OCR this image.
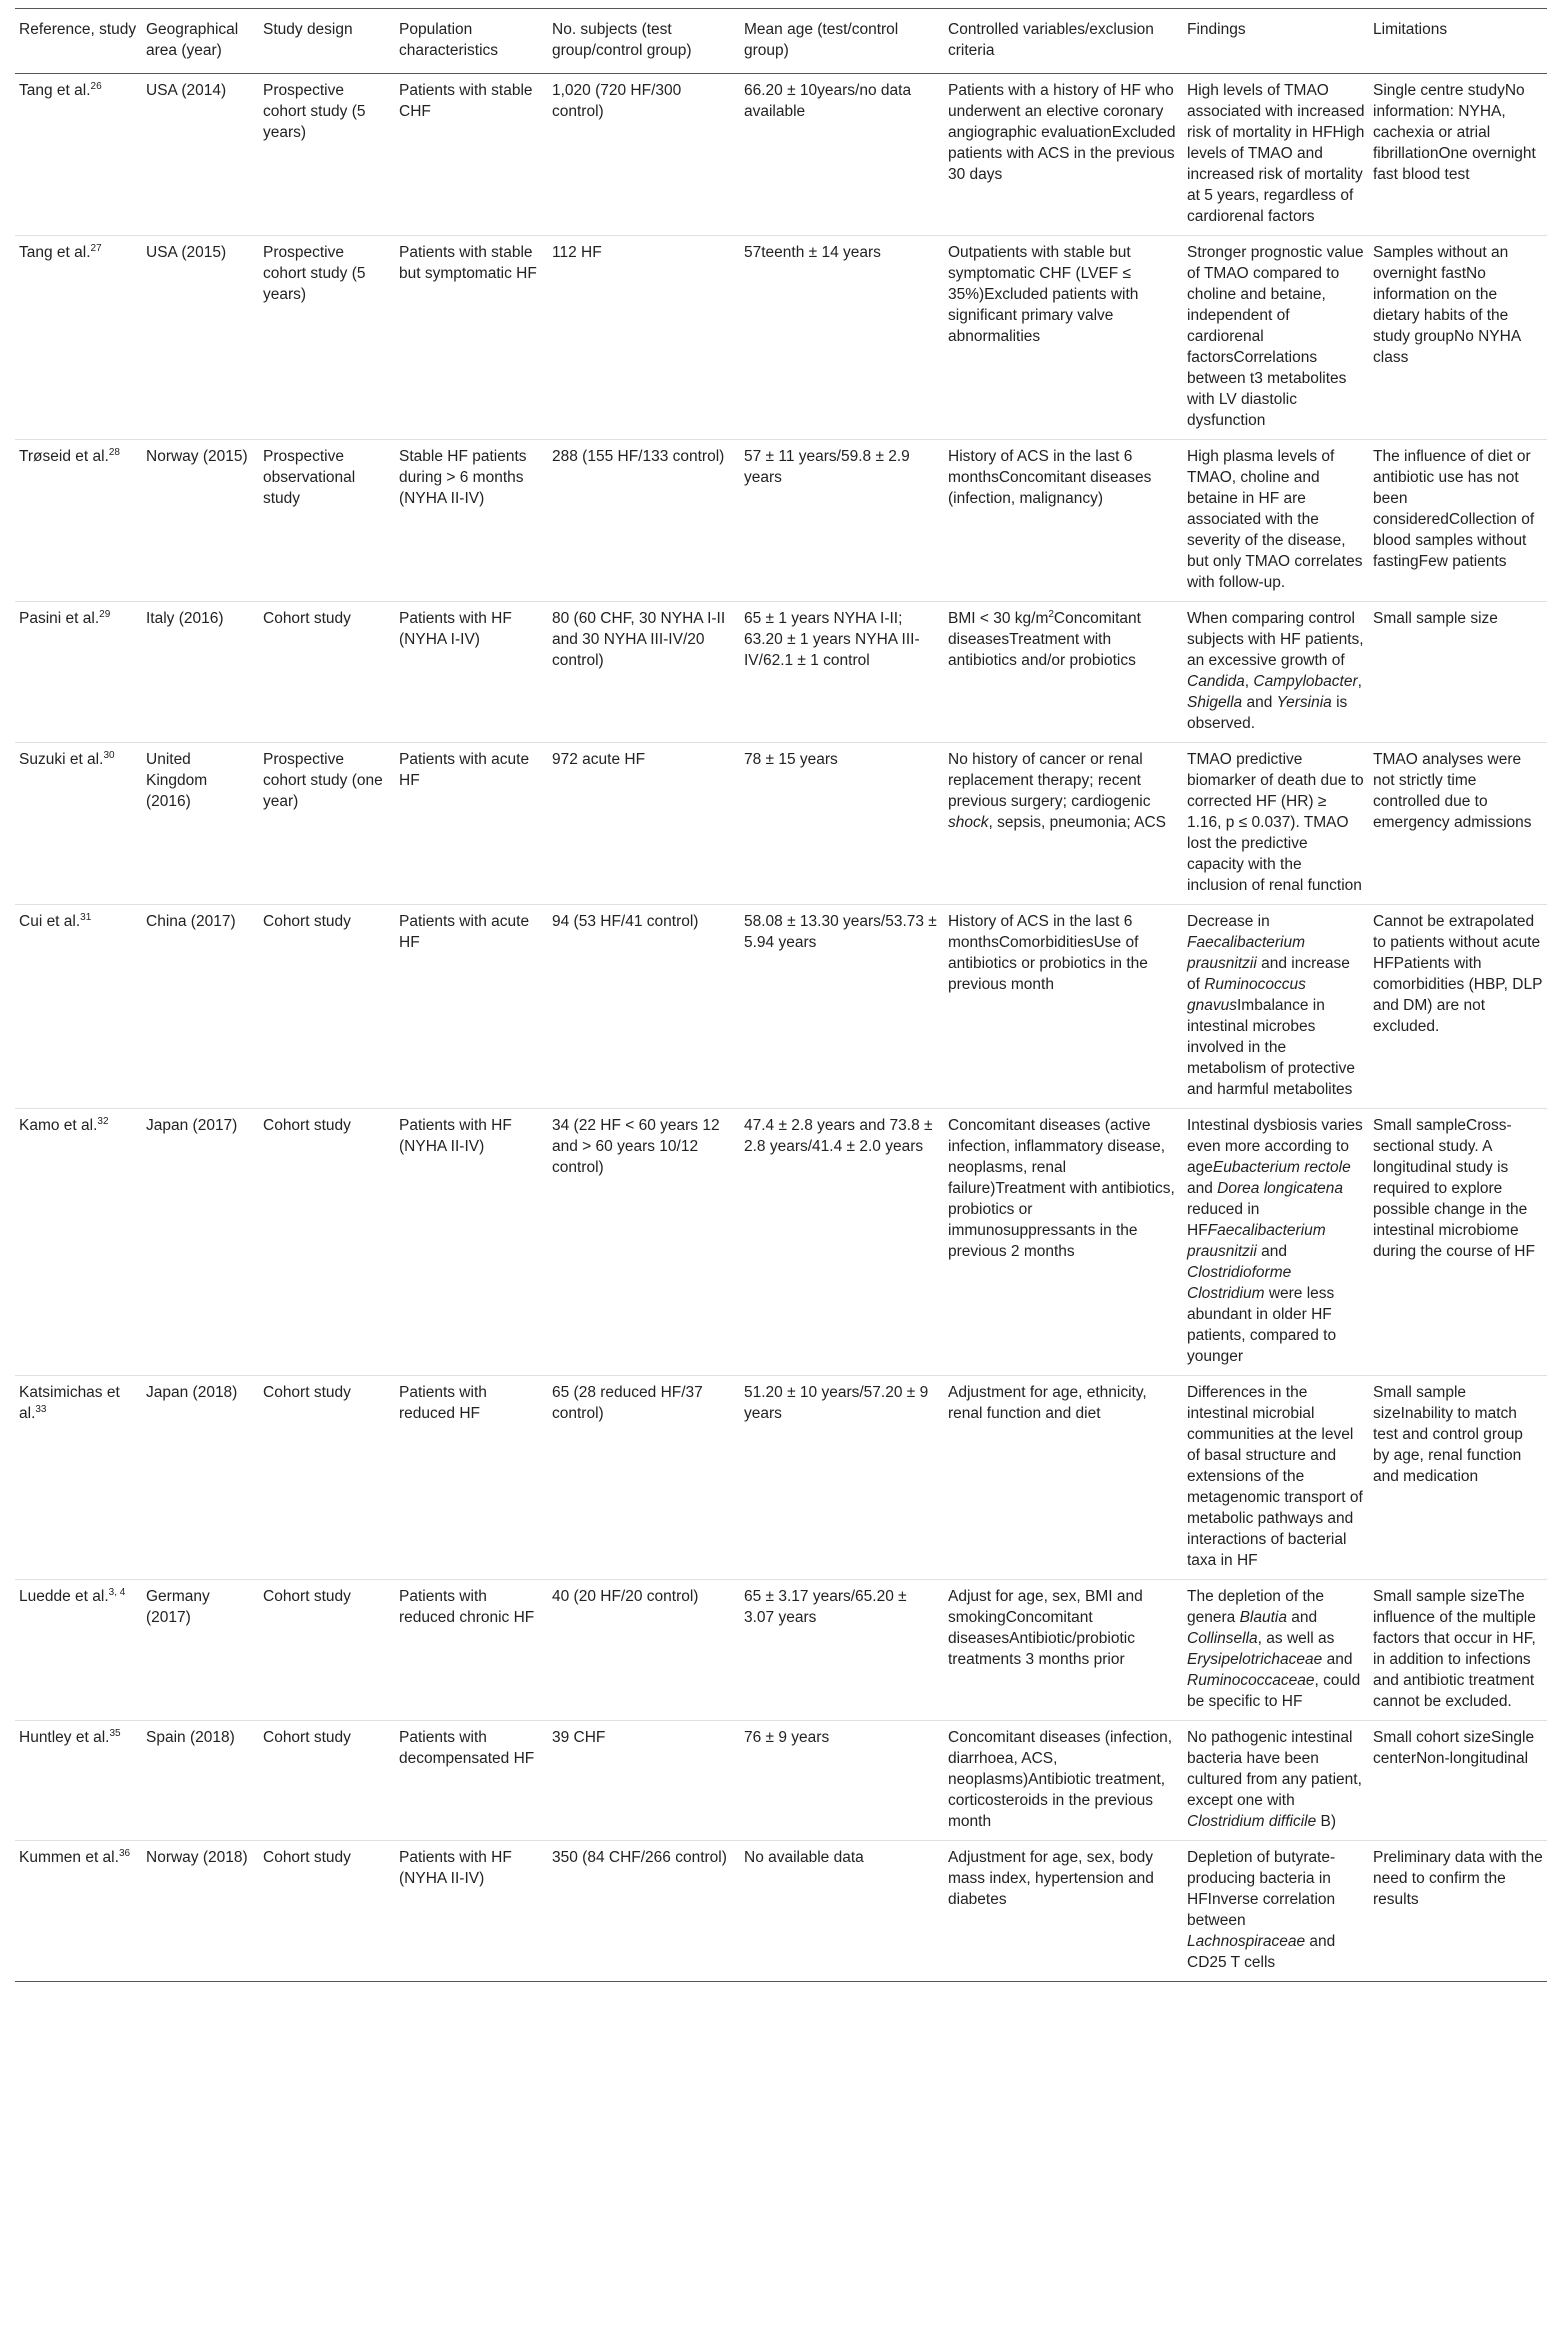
Reference, study	Geographical area (year)	Study design	Population characteristics	No. subjects (test group/control group)	Mean age (test/control group)	Controlled variables/exclusion criteria	Findings	Limitations
Tang et al.$^{26}$	USA (2014)	Prospective cohort study (5 years)	Patients with stable CHF	1,020 (720 HF/300 control)	66.20 ± 10years/no data available	Patients with a history of HF who underwent an elective coronary angiographic evaluationExcluded patients with ACS in the previous 30 days	High levels of TMAO associated with increased risk of mortality in HFHigh levels of TMAO and increased risk of mortality at 5 years, regardless of cardiorenal factors	Single centre studyNo information: NYHA, cachexia or atrial fibrillationOne overnight fast blood test
Tang et al.$^{27}$	USA (2015)	Prospective cohort study (5 years)	Patients with stable but symptomatic HF	112 HF	57teenth ± 14 years	Outpatients with stable but symptomatic CHF (LVEF ≤ 35%)Excluded patients with significant primary valve abnormalities	Stronger prognostic value of TMAO compared to choline and betaine, independent of cardiorenal factorsCorrelations between t3 metabolites with LV diastolic dysfunction	Samples without an overnight fastNo information on the dietary habits of the study groupNo NYHA class
Trøseid et al.$^{28}$	Norway (2015)	Prospective observational study	Stable HF patients during > 6 months (NYHA II-IV)	288 (155 HF/133 control)	57 ± 11 years/59.8 ± 2.9 years	History of ACS in the last 6 monthsConcomitant diseases (infection, malignancy)	High plasma levels of TMAO, choline and betaine in HF are associated with the severity of the disease, but only TMAO correlates with follow-up.	The influence of diet or antibiotic use has not been consideredCollection of blood samples without fastingFew patients
Pasini et al.$^{29}$	Italy (2016)	Cohort study	Patients with HF (NYHA I-IV)	80 (60 CHF, 30 NYHA I-II and 30 NYHA III-IV/20 control)	65 ± 1 years NYHA I-II; 63.20 ± 1 years NYHA III-IV/62.1 ± 1 control	BMI < 30 $kg/m^2Concomitant$ diseasesTreatment with antibiotics and/or probiotics	When comparing control subjects with HF patients, an excessive growth of Candida, Campylobacter, Shigella and Yersinia is observed.	Small sample size
Suzuki et al.$^{30}$	United Kingdom (2016)	Prospective cohort study (one year)	Patients with acute HF	972 acute HF	78 ± 15 years	No history of cancer or renal replacement therapy; recent previous surgery; cardiogenic shock, sepsis, pneumonia; ACS	TMAO predictive biomarker of death due to corrected HF (HR) ≥ 1.16, p ≤ 0.037). TMAO lost the predictive capacity with the inclusion of renal function	TMAO analyses were not strictly time controlled due to emergency admissions
Cui et al.$^{31}$	China (2017)	Cohort study	Patients with acute HF	94 (53 HF/41 control)	58.08 ± 13.30 years/53.73 ± 5.94 years	History of ACS in the last 6 monthsComorbiditiesUse of antibiotics or probiotics in the previous month	Decrease in Faecalibacterium prausnitzii and increase of Ruminococcus gnavusImbalance in intestinal microbes involved in the metabolism of protective and harmful metabolites	Cannot be extrapolated to patients without acute HFPatients with comorbidities (HBP, DLP and DM) are not excluded.
Kamo et al.$^{32}$	Japan (2017)	Cohort study	Patients with HF (NYHA II-IV)	34 (22 HF < 60 years 12 and > 60 years 10/12 control)	47.4 ± 2.8 years and 73.8 ± 2.8 years/41.4 ± 2.0 years	Concomitant diseases (active infection, inflammatory disease, neoplasms, renal failure)Treatment with antibiotics, probiotics or immunosuppressants in the previous 2 months	Intestinal dysbiosis varies even more according to ageEubacterium rectole and Dorea longicatena reduced in HFFaecalibacterium prausnitzii and Clostridioforme Clostridium were less abundant in older HF patients, compared to younger	Small sampleCross-sectional study. A longitudinal study is required to explore possible change in the intestinal microbiome during the course of HF
Katsimichas et al.$^{33}$	Japan (2018)	Cohort study	Patients with reduced HF	65 (28 reduced HF/37 control)	51.20 ± 10 years/57.20 ± 9 years	Adjustment for age, ethnicity, renal function and diet	Differences in the intestinal microbial communities at the level of basal structure and extensions of the metagenomic transport of metabolic pathways and interactions of bacterial taxa in HF	Small sample sizeInability to match test and control group by age, renal function and medication
Luedde et al.$^{3, 4}$	Germany (2017)	Cohort study	Patients with reduced chronic HF	40 (20 HF/20 control)	65 ± 3.17 years/65.20 ± 3.07 years	Adjust for age, sex, BMI and smokingConcomitant diseasesAntibiotic/probiotic treatments 3 months prior	The depletion of the genera Blautia and Collinsella, as well as Erysipelotrichaceae and Ruminococcaceae, could be specific to HF	Small sample sizeThe influence of the multiple factors that occur in HF, in addition to infections and antibiotic treatment cannot be excluded.
Huntley et al.$^{35}$	Spain (2018)	Cohort study	Patients with decompensated HF	39 CHF	76 ± 9 years	Concomitant diseases (infection, diarrhoea, ACS, neoplasms)Antibiotic treatment, corticosteroids in the previous month	No pathogenic intestinal bacteria have been cultured from any patient, except one with Clostridium difficile B)	Small cohort sizeSingle centerNon-longitudinal
Kummen et al.$^{36}$	Norway (2018)	Cohort study	Patients with HF (NYHA II-IV)	350 (84 CHF/266 control)	No available data	Adjustment for age, sex, body mass index, hypertension and diabetes	Depletion of butyrate-producing bacteria in HFInverse correlation between Lachnospiraceae and CD25 T cells	Preliminary data with the need to confirm the results
